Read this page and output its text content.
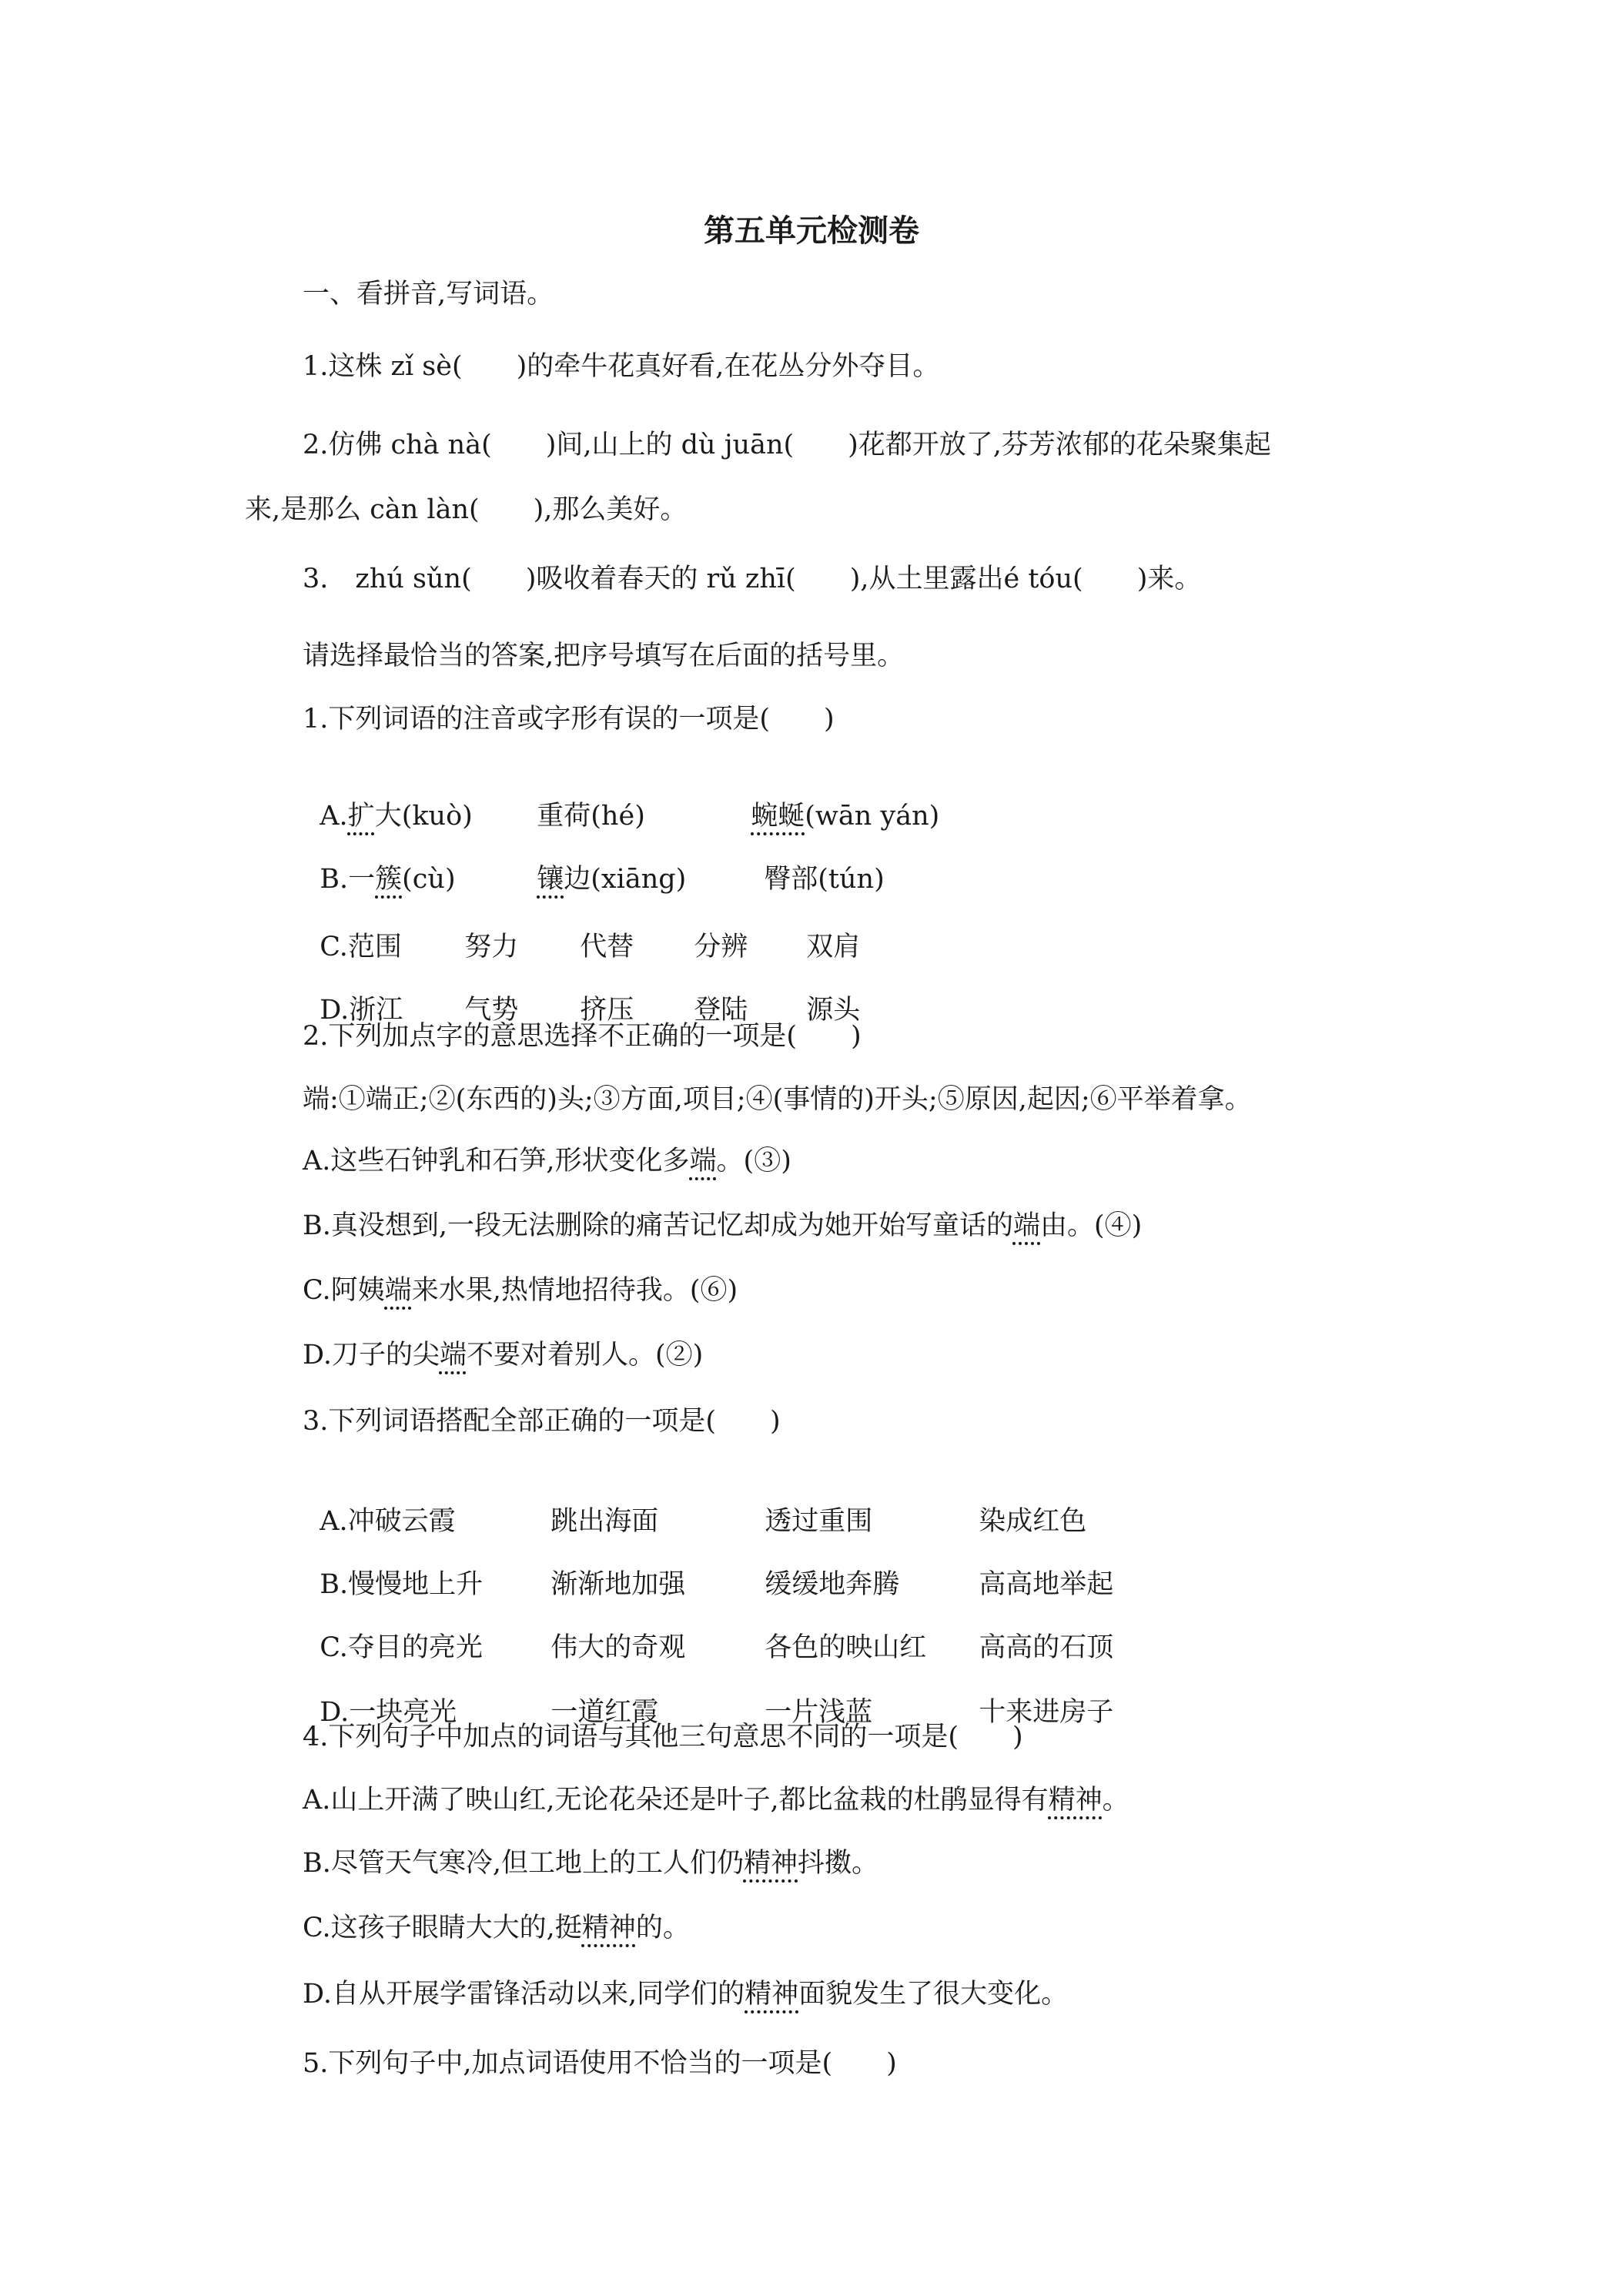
第五单元检测卷
一、看拼音,写词语。
1.这株 zǐ sè(　　)的牵牛花真好看,在花丛分外夺目。
2.仿佛 chà nà(　　)间,山上的 dù juān(　　)花都开放了,芬芳浓郁的花朵聚集起
来,是那么 càn làn(　　),那么美好。
3.　zhú sǔn(　　)吸收着春天的 rǔ zhī(　　),从土里露出é tóu(　　)来。
请选择最恰当的答案,把序号填写在后面的括号里。
1.下列词语的注音或字形有误的一项是(　　)

A.扩大(kuò) 重荷(hé)	蜿蜒(wān yán)

B.一簇(cù)	镶边(xiāng)	臀部(tún)

C.范围 努力 代替 分辨 双肩

D.浙江 气势 挤压 登陆 源头

2.下列加点字的意思选择不正确的一项是(　　)
端:①端正;②(东西的)头;③方面,项目;④(事情的)开头;⑤原因,起因;⑥平举着拿。
A.这些石钟乳和石笋,形状变化多端。(③)
B.真没想到,一段无法删除的痛苦记忆却成为她开始写童话的端由。(④)
C.阿姨端来水果,热情地招待我。(⑥)
D.刀子的尖端不要对着别人。(②)
3.下列词语搭配全部正确的一项是(　　)

A.冲破云霞	跳出海面	透过重围	染成红色

B.慢慢地上升	渐渐地加强	缓缓地奔腾	高高地举起

C.夺目的亮光	伟大的奇观	各色的映山红 高高的石顶

D.一块亮光	一道红霞	一片浅蓝	十来进房子

4.下列句子中加点的词语与其他三句意思不同的一项是(　　)
A.山上开满了映山红,无论花朵还是叶子,都比盆栽的杜鹃显得有精神。
B.尽管天气寒冷,但工地上的工人们仍精神抖擞。
C.这孩子眼睛大大的,挺精神的。
D.自从开展学雷锋活动以来,同学们的精神面貌发生了很大变化。
5.下列句子中,加点词语使用不恰当的一项是(　　)
